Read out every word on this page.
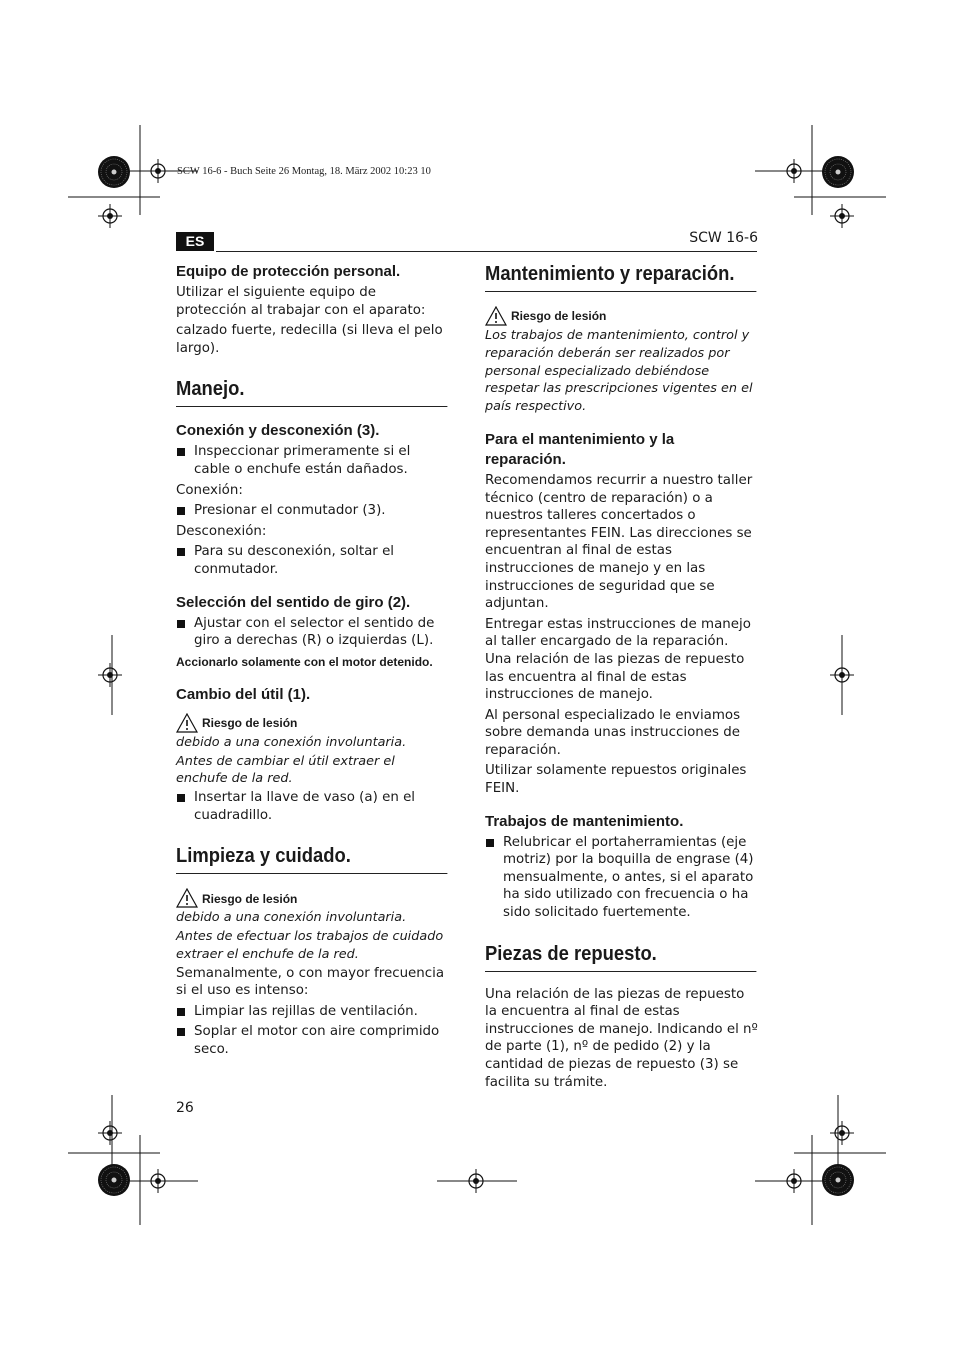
SCW 16-6 - Buch Seite 26 Montag, 18. März 2002 10:23 10
ES	SCW 16-6
Equipo de protección personal.

Utilizar el siguiente equipo de protección al trabajar con el aparato:

calzado fuerte, redecilla (si lleva el pelo largo).

Manejo.
Conexión y desconexión (3).
Inspeccionar primeramente si el cable o enchufe están dañados.

Conexión:

Presionar el conmutador (3).

Desconexión:

Para su desconexión, soltar el conmutador.
Selección del sentido de giro (2).
Ajustar con el selector el sentido de giro a derechas (R) o izquierdas (L).
Accionarlo solamente con el motor detenido.
Cambio del útil (1).
Riesgo de lesión

debido a una conexión involuntaria.

Antes de cambiar el útil extraer el enchufe de la red.

Insertar la llave de vaso (a) en el cuadradillo.
Limpieza y cuidado.
Riesgo de lesión

debido a una conexión involuntaria.

Antes de efectuar los trabajos de cuidado extraer el enchufe de la red.

Semanalmente, o con mayor frecuencia si el uso es intenso:

Limpiar las rejillas de ventilación.
Soplar el motor con aire comprimido seco.
Mantenimiento y reparación.
Riesgo de lesión

Los trabajos de mantenimiento, control y reparación deberán ser realizados por personal especializado debiéndose respetar las prescripciones vigentes en el país respectivo.

Para el mantenimiento y la reparación.

Recomendamos recurrir a nuestro taller técnico (centro de reparación) o a nuestros talleres concertados o representantes FEIN. Las direcciones se encuentran al final de estas instrucciones de manejo y en las instrucciones de seguridad que se adjuntan.

Entregar estas instrucciones de manejo al taller encargado de la reparación. Una relación de las piezas de repuesto las encuentra al final de estas instrucciones de manejo.

Al personal especializado le enviamos sobre demanda unas instrucciones de reparación.

Utilizar solamente repuestos originales FEIN.

Trabajos de mantenimiento.
Relubricar el portaherramientas (eje motriz) por la boquilla de engrase (4) mensualmente, o antes, si el aparato ha sido utilizado con frecuencia o ha sido solicitado fuertemente.
Piezas de repuesto.

Una relación de las piezas de repuesto la encuentra al final de estas instrucciones de manejo. Indicando el nº de parte (1), nº de pedido (2) y la cantidad de piezas de repuesto (3) se facilita su trámite.

26
